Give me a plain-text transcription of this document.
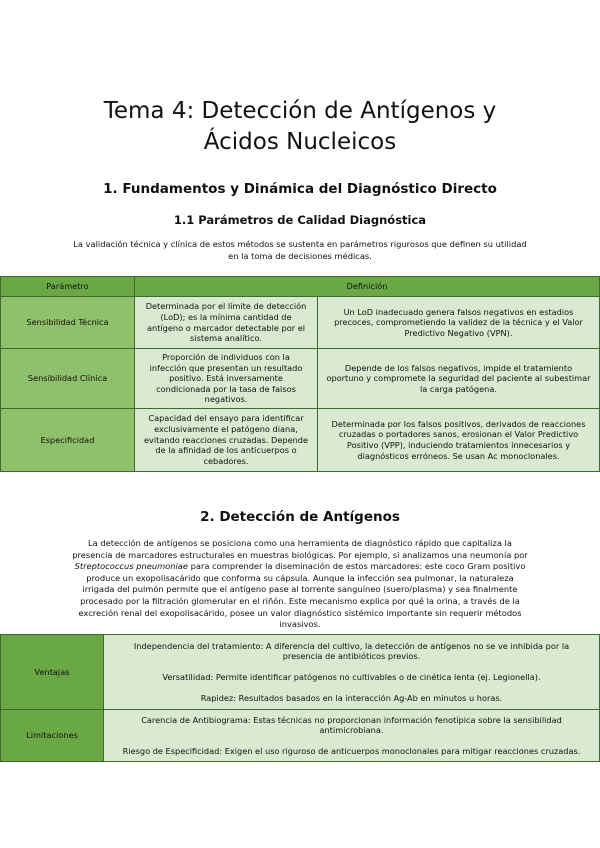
Tema 4: Detección de Antígenos y
Ácidos Nucleicos
1. Fundamentos y Dinámica del Diagnóstico Directo
1.1 Parámetros de Calidad Diagnóstica

La validación técnica y clínica de estos métodos se sustenta en parámetros rigurosos que definen su utilidad en la toma de decisiones médicas.

Parámetro	Definición	
Sensibilidad Técnica	Determinada por el límite de detección (LoD); es la mínima cantidad de antígeno o marcador detectable por el sistema analítico.	Un LoD inadecuado genera falsos negativos en estadios precoces, comprometiendo la validez de la técnica y el Valor Predictivo Negativo (VPN).
Sensibilidad Clínica	Proporción de individuos con la infección que presentan un resultado positivo. Está inversamente condicionada por la tasa de falsos negativos.	Depende de los falsos negativos, impide el tratamiento oportuno y compromete la seguridad del paciente al subestimar la carga patógena.
Especificidad	Capacidad del ensayo para identificar exclusivamente el patógeno diana, evitando reacciones cruzadas. Depende de la afinidad de los anticuerpos o cebadores.	Determinada por los falsos positivos, derivados de reacciones cruzadas o portadores sanos, erosionan el Valor Predictivo Positivo (VPP), induciendo tratamientos innecesarios y diagnósticos erróneos. Se usan Ac monoclonales.
2. Detección de Antígenos

La detección de antígenos se posiciona como una herramienta de diagnóstico rápido que capitaliza la presencia de marcadores estructurales en muestras biológicas. Por ejemplo, si analizamos una neumonía por Streptococcus pneumoniae para comprender la diseminación de estos marcadores: este coco Gram positivo produce un exopolisacárido que conforma su cápsula. Aunque la infección sea pulmonar, la naturaleza irrigada del pulmón permite que el antígeno pase al torrente sanguíneo (suero/plasma) y sea finalmente procesado por la filtración glomerular en el riñón. Este mecanismo explica por qué la orina, a través de la excreción renal del exopolisacárido, posee un valor diagnóstico sistémico importante sin requerir métodos invasivos.

Ventajas	Independencia del tratamiento: A diferencia del cultivo, la detección de antígenos no se ve inhibida por la presencia de antibióticos previos.

Versatilidad: Permite identificar patógenos no cultivables o de cinética lenta (ej. Legionella).

Rapidez: Resultados basados en la interacción Ag-Ab en minutos u horas.

Limitaciones	Carencia de Antibiograma: Estas técnicas no proporcionan información fenotípica sobre la sensibilidad antimicrobiana.

Riesgo de Especificidad: Exigen el uso riguroso de anticuerpos monoclonales para mitigar reacciones cruzadas.
